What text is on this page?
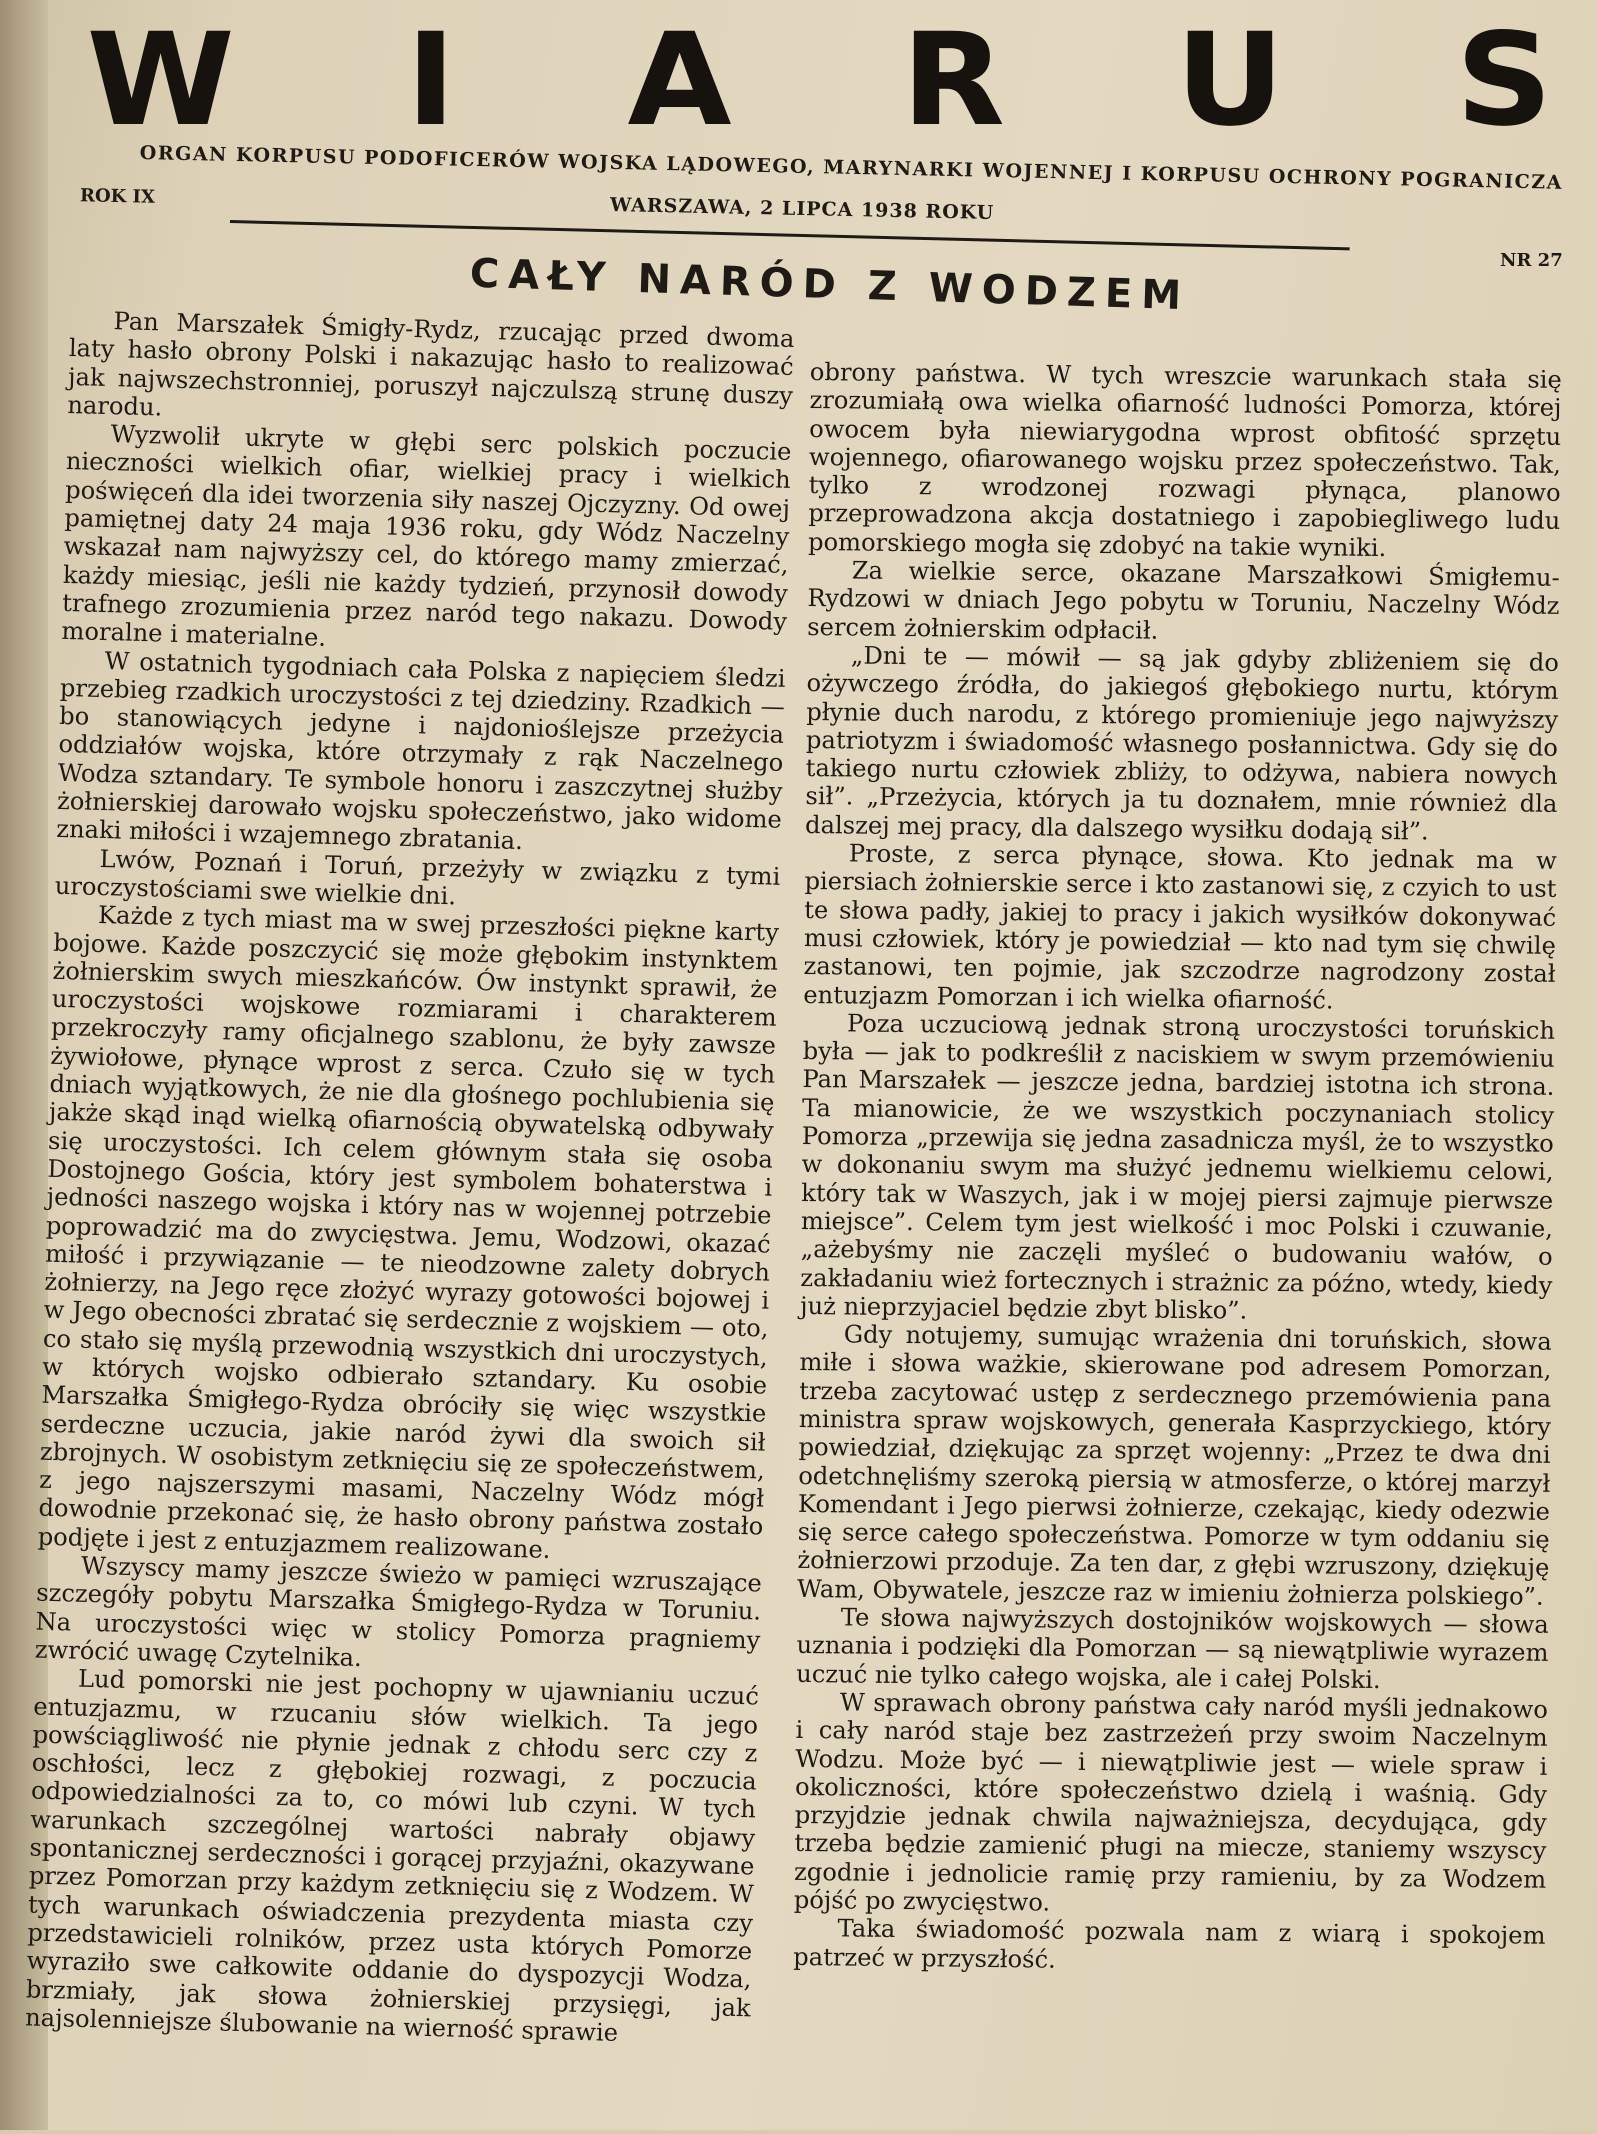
W I A R U S
ORGAN KORPUSU PODOFICERÓW WOJSKA LĄDOWEGO, MARYNARKI WOJENNEJ I KORPUSU OCHRONY POGRANICZA
ROK IX	WARSZAWA, 2 LIPCA 1938 ROKU
NR 27
CAŁY NARÓD Z WODZEM

Pan Marszałek Śmigły-Rydz, rzucając przed dwoma laty hasło obrony Polski i nakazując hasło to realizować jak najwszechstronniej, poruszył najczulszą strunę duszy narodu.

Wyzwolił ukryte w głębi serc polskich poczucie nieczności wielkich ofiar, wielkiej pracy i wielkich poświęceń dla idei tworzenia siły naszej Ojczyzny. Od owej pamiętnej daty 24 maja 1936 roku, gdy Wódz Naczelny wskazał nam najwyższy cel, do którego mamy zmierzać, każdy miesiąc, jeśli nie każdy tydzień, przynosił dowody trafnego zrozumienia przez naród tego nakazu. Dowody moralne i materialne.

W ostatnich tygodniach cała Polska z napięciem śledzi przebieg rzadkich uroczystości z tej dziedziny. Rzadkich — bo stanowiących jedyne i najdonioślejsze przeżycia oddziałów wojska, które otrzymały z rąk Naczelnego Wodza sztandary. Te symbole honoru i zaszczytnej służby żołnierskiej darowało wojsku społeczeństwo, jako widome znaki miłości i wzajemnego zbratania.

Lwów, Poznań i Toruń, przeżyły w związku z tymi uroczystościami swe wielkie dni.

Każde z tych miast ma w swej przeszłości piękne karty bojowe. Każde poszczycić się może głębokim instynktem żołnierskim swych mieszkańców. Ów instynkt sprawił, że uroczystości wojskowe rozmiarami i charakterem przekroczyły ramy oficjalnego szablonu, że były zawsze żywiołowe, płynące wprost z serca. Czuło się w tych dniach wyjątkowych, że nie dla głośnego pochlubienia się jakże skąd inąd wielką ofiarnością obywatelską odbywały się uroczystości. Ich celem głównym stała się osoba Dostojnego Gościa, który jest symbolem bohaterstwa i jedności naszego wojska i który nas w wojennej potrzebie poprowadzić ma do zwycięstwa. Jemu, Wodzowi, okazać miłość i przywiązanie — te nieodzowne zalety dobrych żołnierzy, na Jego ręce złożyć wyrazy gotowości bojowej i w Jego obecności zbratać się serdecznie z wojskiem — oto, co stało się myślą przewodnią wszystkich dni uroczystych, w których wojsko odbierało sztandary. Ku osobie Marszałka Śmigłego-Rydza obróciły się więc wszystkie serdeczne uczucia, jakie naród żywi dla swoich sił zbrojnych. W osobistym zetknięciu się ze społeczeństwem, z jego najszerszymi masami, Naczelny Wódz mógł dowodnie przekonać się, że hasło obrony państwa zostało podjęte i jest z entuzjazmem realizowane.

Wszyscy mamy jeszcze świeżo w pamięci wzruszające szczegóły pobytu Marszałka Śmigłego-Rydza w Toruniu. Na uroczystości więc w stolicy Pomorza pragniemy zwrócić uwagę Czytelnika.

Lud pomorski nie jest pochopny w ujawnianiu uczuć entuzjazmu, w rzucaniu słów wielkich. Ta jego powściągliwość nie płynie jednak z chłodu serc czy z oschłości, lecz z głębokiej rozwagi, z poczucia odpowiedzialności za to, co mówi lub czyni. W tych warunkach szczególnej wartości nabrały objawy spontanicznej serdeczności i gorącej przyjaźni, okazywane przez Pomorzan przy każdym zetknięciu się z Wodzem. W tych warunkach oświadczenia prezydenta miasta czy przedstawicieli rolników, przez usta których Pomorze wyraziło swe całkowite oddanie do dyspozycji Wodza, brzmiały, jak słowa żołnierskiej przysięgi, jak najsolenniejsze ślubowanie na wierność sprawie

obrony państwa. W tych wreszcie warunkach stała się zrozumiałą owa wielka ofiarność ludności Pomorza, której owocem była niewiarygodna wprost obfitość sprzętu wojennego, ofiarowanego wojsku przez społeczeństwo. Tak, tylko z wrodzonej rozwagi płynąca, planowo przeprowadzona akcja dostatniego i zapobiegliwego ludu pomorskiego mogła się zdobyć na takie wyniki.

Za wielkie serce, okazane Marszałkowi Śmigłemu-Rydzowi w dniach Jego pobytu w Toruniu, Naczelny Wódz sercem żołnierskim odpłacił.

„Dni te — mówił — są jak gdyby zbliżeniem się do ożywczego źródła, do jakiegoś głębokiego nurtu, którym płynie duch narodu, z którego promieniuje jego najwyższy patriotyzm i świadomość własnego posłannictwa. Gdy się do takiego nurtu człowiek zbliży, to odżywa, nabiera nowych sił”. „Przeżycia, których ja tu doznałem, mnie również dla dalszej mej pracy, dla dalszego wysiłku dodają sił”.

Proste, z serca płynące, słowa. Kto jednak ma w piersiach żołnierskie serce i kto zastanowi się, z czyich to ust te słowa padły, jakiej to pracy i jakich wysiłków dokonywać musi człowiek, który je powiedział — kto nad tym się chwilę zastanowi, ten pojmie, jak szczodrze nagrodzony został entuzjazm Pomorzan i ich wielka ofiarność.

Poza uczuciową jednak stroną uroczystości toruńskich była — jak to podkreślił z naciskiem w swym przemówieniu Pan Marszałek — jeszcze jedna, bardziej istotna ich strona. Ta mianowicie, że we wszystkich poczynaniach stolicy Pomorza „przewija się jedna zasadnicza myśl, że to wszystko w dokonaniu swym ma służyć jednemu wielkiemu celowi, który tak w Waszych, jak i w mojej piersi zajmuje pierwsze miejsce”. Celem tym jest wielkość i moc Polski i czuwanie, „ażebyśmy nie zaczęli myśleć o budowaniu wałów, o zakładaniu wież fortecznych i strażnic za późno, wtedy, kiedy już nieprzyjaciel będzie zbyt blisko”.

Gdy notujemy, sumując wrażenia dni toruńskich, słowa miłe i słowa ważkie, skierowane pod adresem Pomorzan, trzeba zacytować ustęp z serdecznego przemówienia pana ministra spraw wojskowych, generała Kasprzyckiego, który powiedział, dziękując za sprzęt wojenny: „Przez te dwa dni odetchnęliśmy szeroką piersią w atmosferze, o której marzył Komendant i Jego pierwsi żołnierze, czekając, kiedy odezwie się serce całego społeczeństwa. Pomorze w tym oddaniu się żołnierzowi przoduje. Za ten dar, z głębi wzruszony, dziękuję Wam, Obywatele, jeszcze raz w imieniu żołnierza polskiego”.

Te słowa najwyższych dostojników wojskowych — słowa uznania i podzięki dla Pomorzan — są niewątpliwie wyrazem uczuć nie tylko całego wojska, ale i całej Polski.

W sprawach obrony państwa cały naród myśli jednakowo i cały naród staje bez zastrzeżeń przy swoim Naczelnym Wodzu. Może być — i niewątpliwie jest — wiele spraw i okoliczności, które społeczeństwo dzielą i waśnią. Gdy przyjdzie jednak chwila najważniejsza, decydująca, gdy trzeba będzie zamienić pługi na miecze, staniemy wszyscy zgodnie i jednolicie ramię przy ramieniu, by za Wodzem pójść po zwycięstwo.

Taka świadomość pozwala nam z wiarą i spokojem patrzeć w przyszłość.
